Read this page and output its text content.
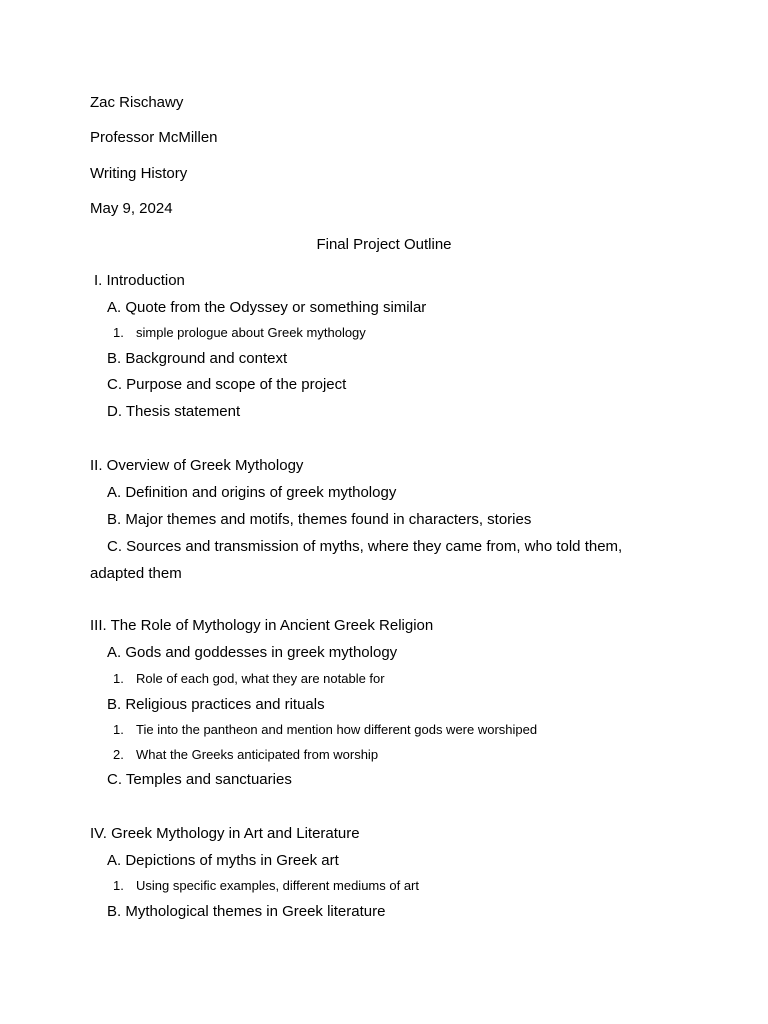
Zac Rischawy
Professor McMillen
Writing History
May 9, 2024
Final Project Outline
I. Introduction
A. Quote from the Odyssey or something similar
1. simple prologue about Greek mythology
B. Background and context
C. Purpose and scope of the project
D. Thesis statement
II. Overview of Greek Mythology
A. Definition and origins of greek mythology
B. Major themes and motifs, themes found in characters, stories
C. Sources and transmission of myths, where they came from, who told them,
adapted them
III. The Role of Mythology in Ancient Greek Religion
A. Gods and goddesses in greek mythology
1. Role of each god, what they are notable for
B. Religious practices and rituals
1. Tie into the pantheon and mention how different gods were worshiped
2. What the Greeks anticipated from worship
C. Temples and sanctuaries
IV. Greek Mythology in Art and Literature
A. Depictions of myths in Greek art
1. Using specific examples, different mediums of art
B. Mythological themes in Greek literature
